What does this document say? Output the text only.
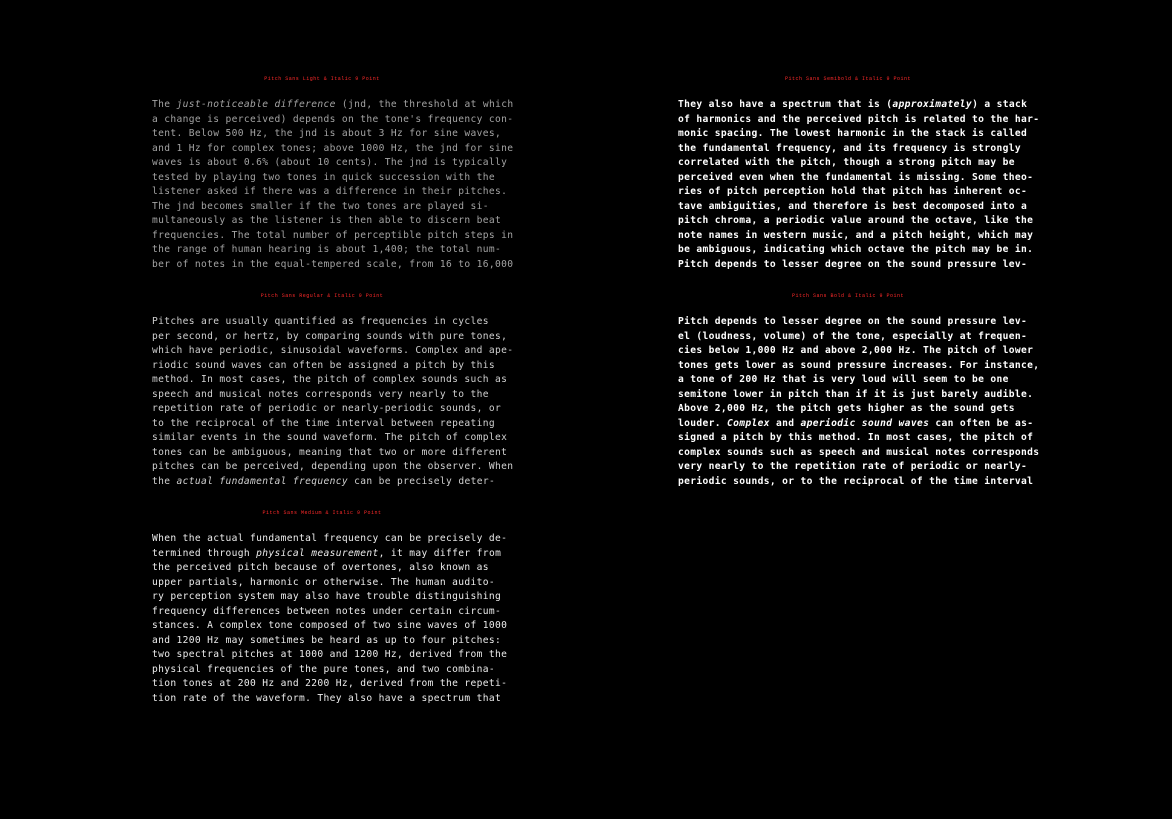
Pitch Sans Light & Italic 9 Point
The just-noticeable difference (jnd, the threshold at which
a change is perceived) depends on the tone's frequency con-
tent. Below 500 Hz, the jnd is about 3 Hz for sine waves,
and 1 Hz for complex tones; above 1000 Hz, the jnd for sine
waves is about 0.6% (about 10 cents). The jnd is typically
tested by playing two tones in quick succession with the
listener asked if there was a difference in their pitches.
The jnd becomes smaller if the two tones are played si-
multaneously as the listener is then able to discern beat
frequencies. The total number of perceptible pitch steps in
the range of human hearing is about 1,400; the total num-
ber of notes in the equal-tempered scale, from 16 to 16,000
Pitch Sans Regular & Italic 9 Point
Pitches are usually quantified as frequencies in cycles
per second, or hertz, by comparing sounds with pure tones,
which have periodic, sinusoidal waveforms. Complex and ape-
riodic sound waves can often be assigned a pitch by this
method. In most cases, the pitch of complex sounds such as
speech and musical notes corresponds very nearly to the
repetition rate of periodic or nearly-periodic sounds, or
to the reciprocal of the time interval between repeating
similar events in the sound waveform. The pitch of complex
tones can be ambiguous, meaning that two or more different
pitches can be perceived, depending upon the observer. When
the actual fundamental frequency can be precisely deter-
Pitch Sans Medium & Italic 9 Point
When the actual fundamental frequency can be precisely de-
termined through physical measurement, it may differ from
the perceived pitch because of overtones, also known as
upper partials, harmonic or otherwise. The human audito-
ry perception system may also have trouble distinguishing
frequency differences between notes under certain circum-
stances. A complex tone composed of two sine waves of 1000
and 1200 Hz may sometimes be heard as up to four pitches:
two spectral pitches at 1000 and 1200 Hz, derived from the
physical frequencies of the pure tones, and two combina-
tion tones at 200 Hz and 2200 Hz, derived from the repeti-
tion rate of the waveform. They also have a spectrum that
Pitch Sans Semibold & Italic 9 Point
They also have a spectrum that is (approximately) a stack
of harmonics and the perceived pitch is related to the har-
monic spacing. The lowest harmonic in the stack is called
the fundamental frequency, and its frequency is strongly
correlated with the pitch, though a strong pitch may be
perceived even when the fundamental is missing. Some theo-
ries of pitch perception hold that pitch has inherent oc-
tave ambiguities, and therefore is best decomposed into a
pitch chroma, a periodic value around the octave, like the
note names in western music, and a pitch height, which may
be ambiguous, indicating which octave the pitch may be in.
Pitch depends to lesser degree on the sound pressure lev-
Pitch Sans Bold & Italic 9 Point
Pitch depends to lesser degree on the sound pressure lev-
el (loudness, volume) of the tone, especially at frequen-
cies below 1,000 Hz and above 2,000 Hz. The pitch of lower
tones gets lower as sound pressure increases. For instance,
a tone of 200 Hz that is very loud will seem to be one
semitone lower in pitch than if it is just barely audible.
Above 2,000 Hz, the pitch gets higher as the sound gets
louder. Complex and aperiodic sound waves can often be as-
signed a pitch by this method. In most cases, the pitch of
complex sounds such as speech and musical notes corresponds
very nearly to the repetition rate of periodic or nearly-
periodic sounds, or to the reciprocal of the time interval
